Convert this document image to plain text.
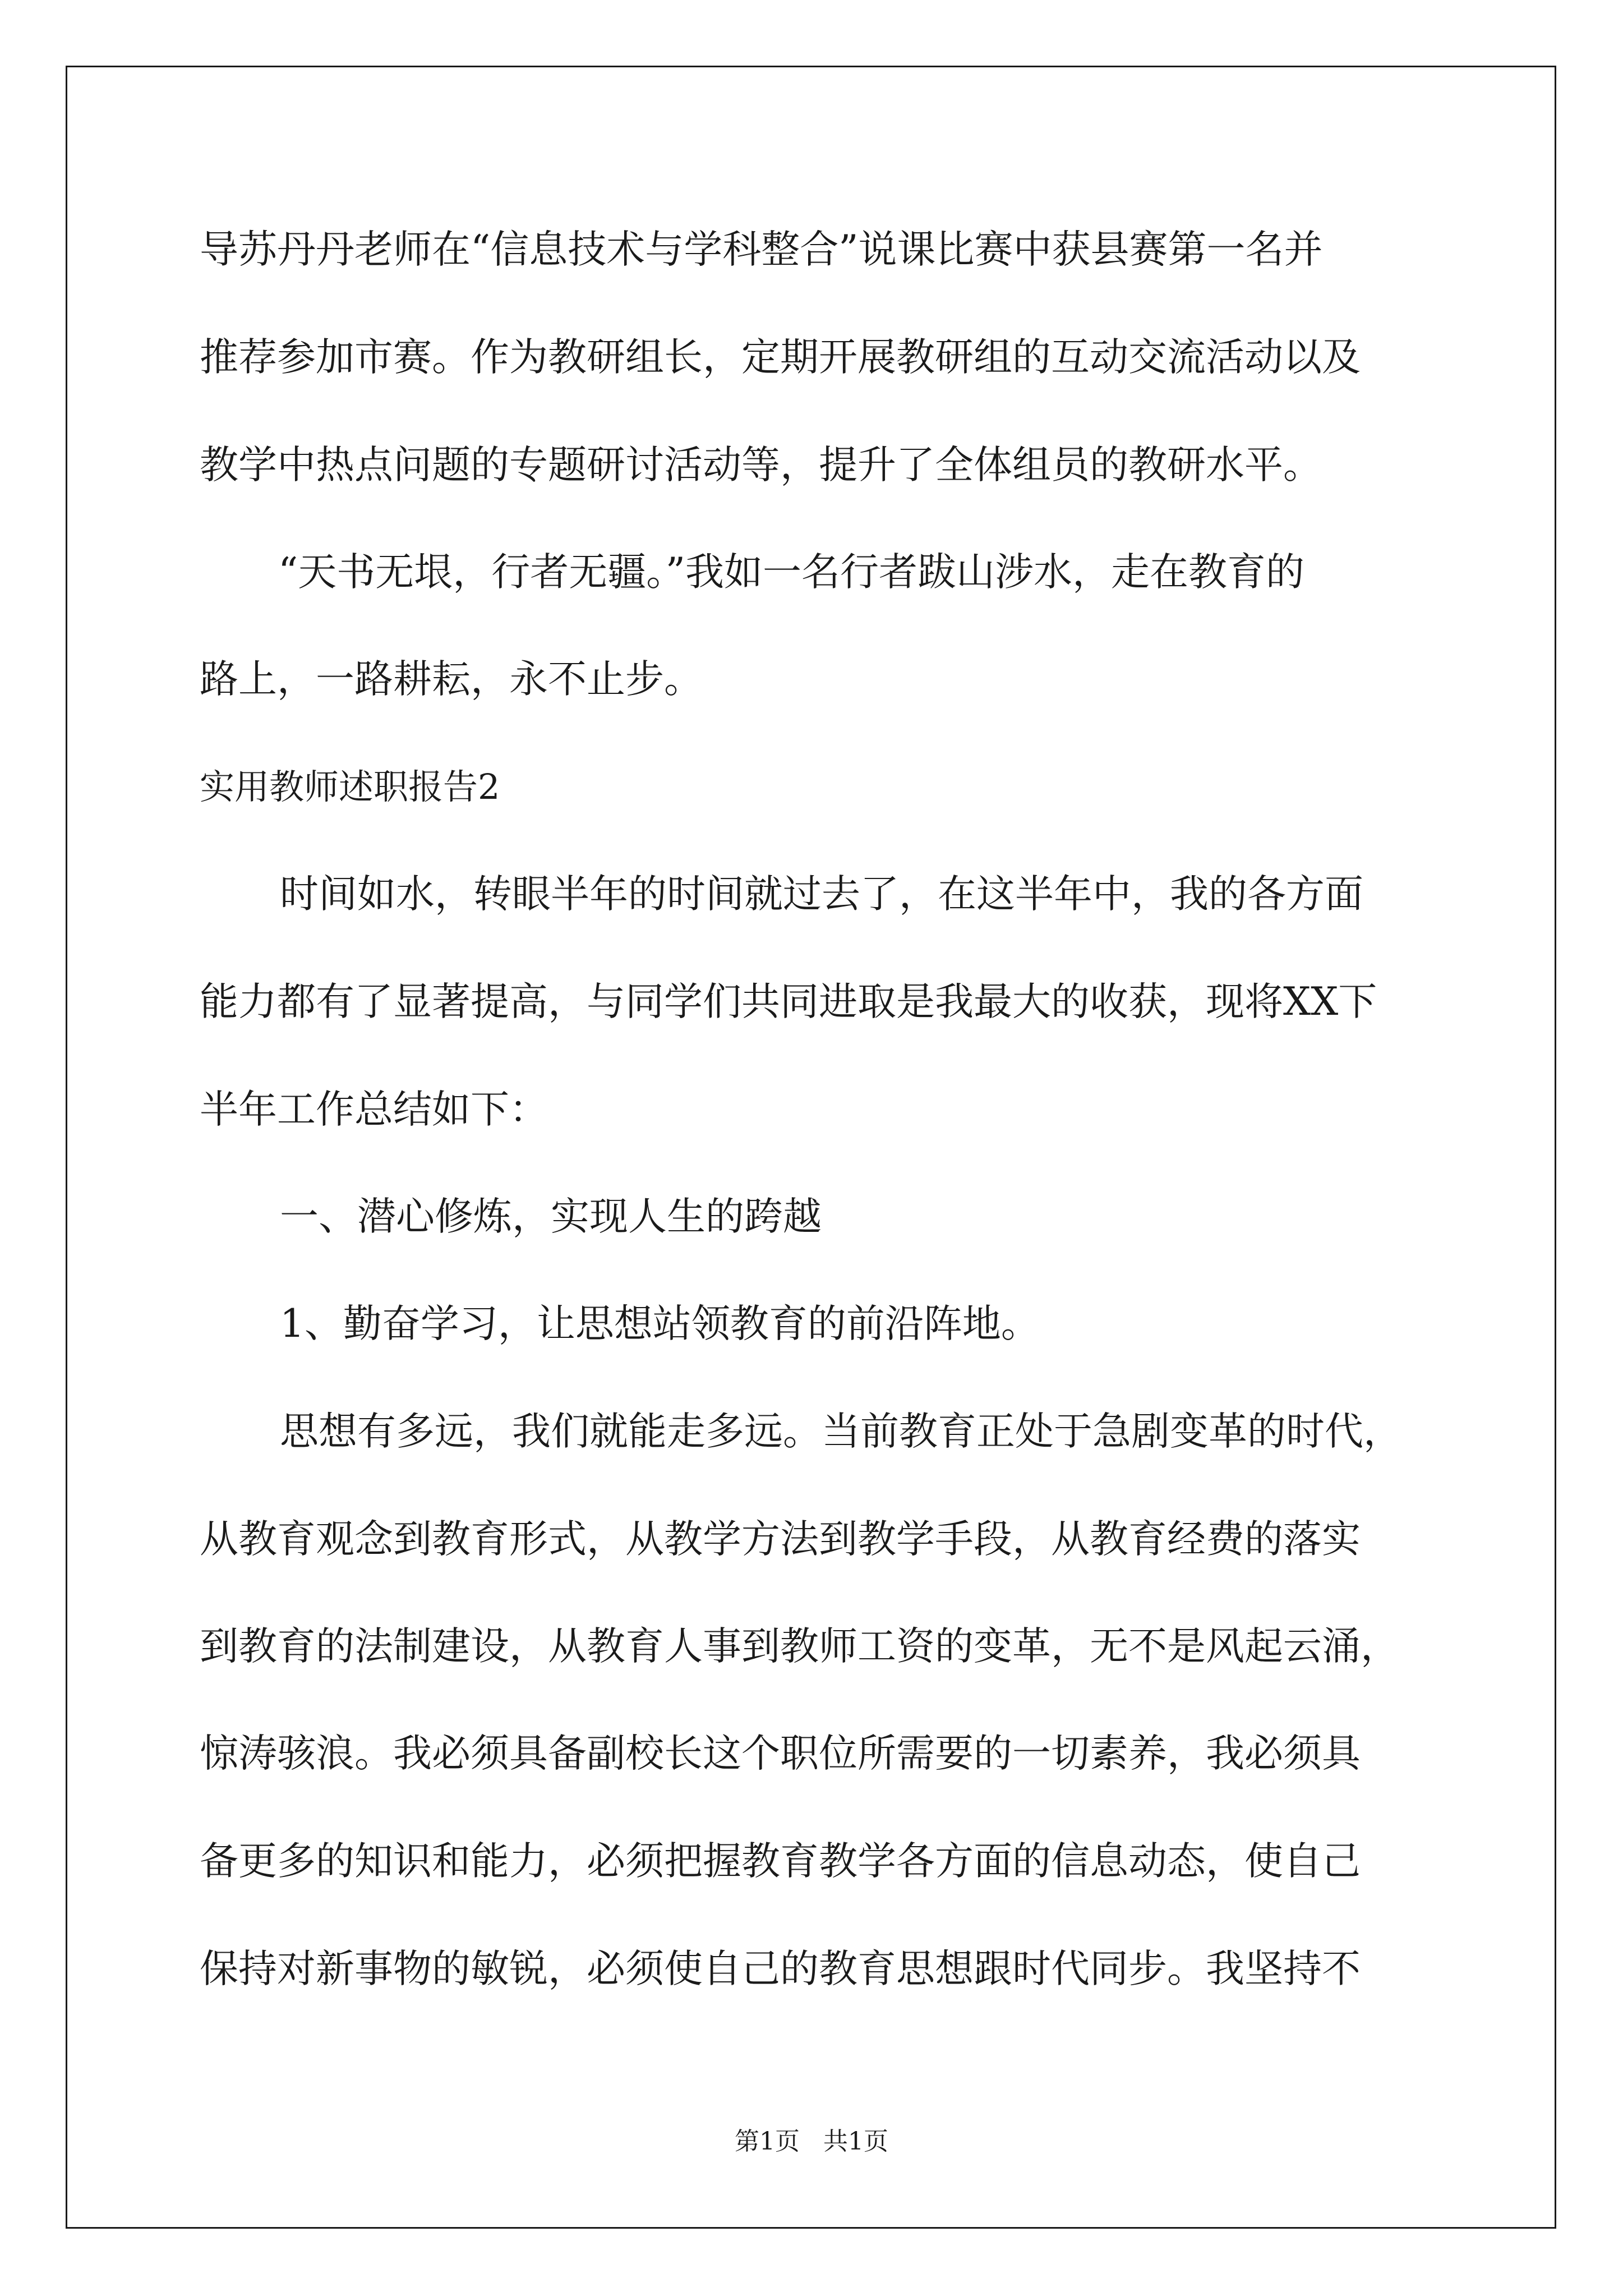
导苏丹丹老师在“信息技术与学科整合”说课比赛中获县赛第一名并

推荐参加市赛。作为教研组长，定期开展教研组的互动交流活动以及

教学中热点问题的专题研讨活动等，提升了全体组员的教研水平。

“天书无垠，行者无疆。”我如一名行者跋山涉水，走在教育的

路上，一路耕耘，永不止步。

实用教师述职报告2

时间如水，转眼半年的时间就过去了，在这半年中，我的各方面

能力都有了显著提高，与同学们共同进取是我最大的收获，现将XX下

半年工作总结如下：

一、潜心修炼，实现人生的跨越

1、勤奋学习，让思想站领教育的前沿阵地。

思想有多远，我们就能走多远。当前教育正处于急剧变革的时代，

从教育观念到教育形式，从教学方法到教学手段，从教育经费的落实

到教育的法制建设，从教育人事到教师工资的变革，无不是风起云涌，

惊涛骇浪。我必须具备副校长这个职位所需要的一切素养，我必须具

备更多的知识和能力，必须把握教育教学各方面的信息动态，使自己

保持对新事物的敏锐，必须使自己的教育思想跟时代同步。我坚持不

第1页   共1页
